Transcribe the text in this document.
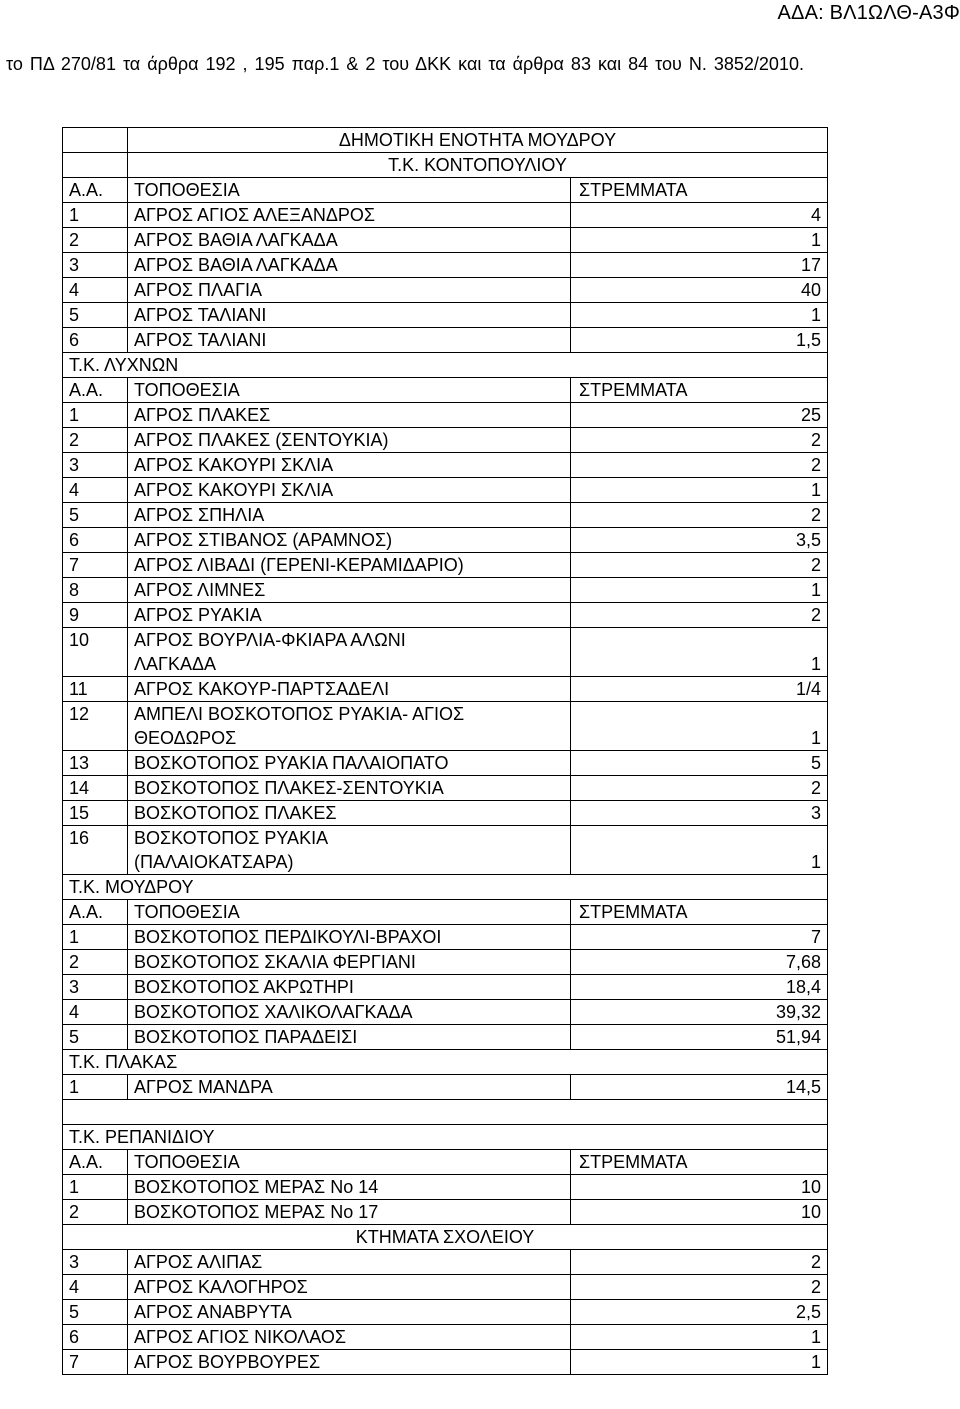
ΑΔΑ: ΒΛ1ΩΛΘ-Α3Φ
το ΠΔ 270/81 τα άρθρα 192 , 195 παρ.1 & 2 του ΔΚΚ και τα άρθρα 83 και 84 του Ν. 3852/2010.
	ΔΗΜΟΤΙΚΗ ΕΝΟΤΗΤΑ ΜΟΥΔΡΟΥ	
	Τ.Κ. ΚΟΝΤΟΠΟΥΛΙΟΥ	
Α.Α.	ΤΟΠΟΘΕΣΙΑ	ΣΤΡΕΜΜΑΤΑ

1	ΑΓΡΟΣ ΑΓΙΟΣ ΑΛΕΞΑΝΔΡΟΣ	4
2	ΑΓΡΟΣ ΒΑΘΙΑ ΛΑΓΚΑΔΑ	1
3	ΑΓΡΟΣ ΒΑΘΙΑ ΛΑΓΚΑΔΑ	17
4	ΑΓΡΟΣ ΠΛΑΓΙΑ	40
5	ΑΓΡΟΣ ΤΑΛΙΑΝΙ	1
6	ΑΓΡΟΣ ΤΑΛΙΑΝΙ	1,5
Τ.Κ. ΛΥΧΝΩΝ		
Α.Α.	ΤΟΠΟΘΕΣΙΑ	ΣΤΡΕΜΜΑΤΑ

1	ΑΓΡΟΣ ΠΛΑΚΕΣ	25
2	ΑΓΡΟΣ ΠΛΑΚΕΣ (ΣΕΝΤΟΥΚΙΑ)	2
3	ΑΓΡΟΣ ΚΑΚΟΥΡΙ ΣΚΛΙΑ	2
4	ΑΓΡΟΣ ΚΑΚΟΥΡΙ ΣΚΛΙΑ	1
5	ΑΓΡΟΣ ΣΠΗΛΙΑ	2
6	ΑΓΡΟΣ ΣΤΙΒΑΝΟΣ (ΑΡΑΜΝΟΣ)	3,5
7	ΑΓΡΟΣ ΛΙΒΑΔΙ (ΓΕΡΕΝΙ-ΚΕΡΑΜΙΔΑΡΙΟ)	2
8	ΑΓΡΟΣ ΛΙΜΝΕΣ	1
9	ΑΓΡΟΣ ΡΥΑΚΙΑ	2
10	ΑΓΡΟΣ ΒΟΥΡΛΙΑ-ΦΚΙΑΡΑ ΑΛΩΝΙ
ΛΑΓΚΑΔΑ	1
11	ΑΓΡΟΣ ΚΑΚΟΥΡ-ΠΑΡΤΣΑΔΕΛΙ	1/4
12	ΑΜΠΕΛΙ ΒΟΣΚΟΤΟΠΟΣ ΡΥΑΚΙΑ- ΑΓΙΟΣ
ΘΕΟΔΩΡΟΣ	1
13	ΒΟΣΚΟΤΟΠΟΣ ΡΥΑΚΙΑ ΠΑΛΑΙΟΠΑΤΟ	5
14	ΒΟΣΚΟΤΟΠΟΣ ΠΛΑΚΕΣ-ΣΕΝΤΟΥΚΙΑ	2
15	ΒΟΣΚΟΤΟΠΟΣ ΠΛΑΚΕΣ	3
16	ΒΟΣΚΟΤΟΠΟΣ ΡΥΑΚΙΑ
(ΠΑΛΑΙΟΚΑΤΣΑΡΑ)	1
Τ.Κ. ΜΟΥΔΡΟΥ		
Α.Α.	ΤΟΠΟΘΕΣΙΑ	ΣΤΡΕΜΜΑΤΑ

1	ΒΟΣΚΟΤΟΠΟΣ ΠΕΡΔΙΚΟΥΛΙ-ΒΡΑΧΟΙ	7
2	ΒΟΣΚΟΤΟΠΟΣ ΣΚΑΛΙΑ ΦΕΡΓΙΑΝΙ	7,68
3	ΒΟΣΚΟΤΟΠΟΣ ΑΚΡΩΤΗΡΙ	18,4
4	ΒΟΣΚΟΤΟΠΟΣ ΧΑΛΙΚΟΛΑΓΚΑΔΑ	39,32
5	ΒΟΣΚΟΤΟΠΟΣ ΠΑΡΑΔΕΙΣΙ	51,94
Τ.Κ. ΠΛΑΚΑΣ		
1	ΑΓΡΟΣ ΜΑΝΔΡΑ	14,5

Τ.Κ. ΡΕΠΑΝΙΔΙΟΥ		
Α.Α.	ΤΟΠΟΘΕΣΙΑ	ΣΤΡΕΜΜΑΤΑ

1	ΒΟΣΚΟΤΟΠΟΣ ΜΕΡΑΣ Νο 14	10
2	ΒΟΣΚΟΤΟΠΟΣ ΜΕΡΑΣ Νο 17	10
ΚΤΗΜΑΤΑ ΣΧΟΛΕΙΟΥ		
3	ΑΓΡΟΣ ΑΛΙΠΑΣ	2
4	ΑΓΡΟΣ ΚΑΛΟΓΗΡΟΣ	2
5	ΑΓΡΟΣ ΑΝΑΒΡΥΤΑ	2,5
6	ΑΓΡΟΣ ΑΓΙΟΣ ΝΙΚΟΛΑΟΣ	1
7	ΑΓΡΟΣ ΒΟΥΡΒΟΥΡΕΣ	1
